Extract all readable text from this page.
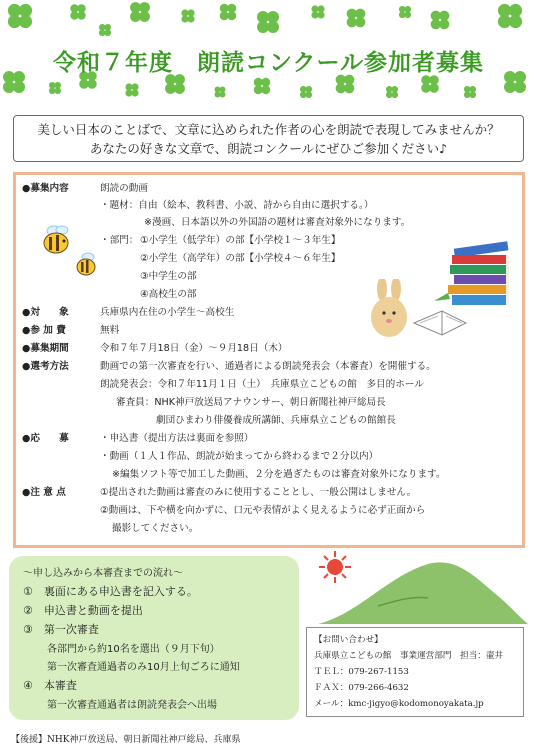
令和７年度　朗読コンクール参加者募集
美しい日本のことばで、文章に込められた作者の心を朗読で表現してみませんか？
あなたの好きな文章で、朗読コンクールにぜひご参加ください♪
●募集内容	朗読の動画
・題材：自由（絵本、教科書、小説、詩から自由に選択する。）
※漫画、日本語以外の外国語の題材は審査対象外になります。
・部門： ①小学生（低学年）の部【小学校１～３年生】
②小学生（高学年）の部【小学校４～６年生】
③中学生の部
④高校生の部
●対　　象	兵庫県内在住の小学生～高校生
●参 加 費	無料
●募集期間	令和７年７月18日（金）～９月18日（木）
●選考方法	動画での第一次審査を行い、通過者による朗読発表会（本審査）を開催する。
朗読発表会：令和７年11月１日（土）　兵庫県立こどもの館　多目的ホール
審査員：NHK神戸放送局アナウンサー、朝日新聞社神戸総局長
劇団ひまわり俳優養成所講師、兵庫県立こどもの館館長
●応　　募	・申込書（提出方法は裏面を参照）
・動画（１人１作品、朗読が始まってから終わるまで２分以内）
※編集ソフト等で加工した動画、２分を過ぎたものは審査対象外になります。
●注 意 点	①提出された動画は審査のみに使用することとし、一般公開はしません。
②動画は、下や横を向かずに、口元や表情がよく見えるように必ず正面から
撮影してください。
～申し込みから本審査までの流れ～
①　裏面にある申込書を記入する。
②　申込書と動画を提出
③　第一次審査
各部門から約10名を選出（９月下旬）
第一次審査通過者のみ10月上旬ごろに通知
④　本審査
第一次審査通過者は朗読発表会へ出場
【お問い合わせ】
兵庫県立こどもの館　事業運営部門　担当：壷井
ＴＥＬ：079-267-1153
ＦＡＸ：079-266-4632
メール：kmc-jigyo@kodomonoyakata.jp
【後援】NHK神戸放送局、朝日新聞社神戸総局、兵庫県
